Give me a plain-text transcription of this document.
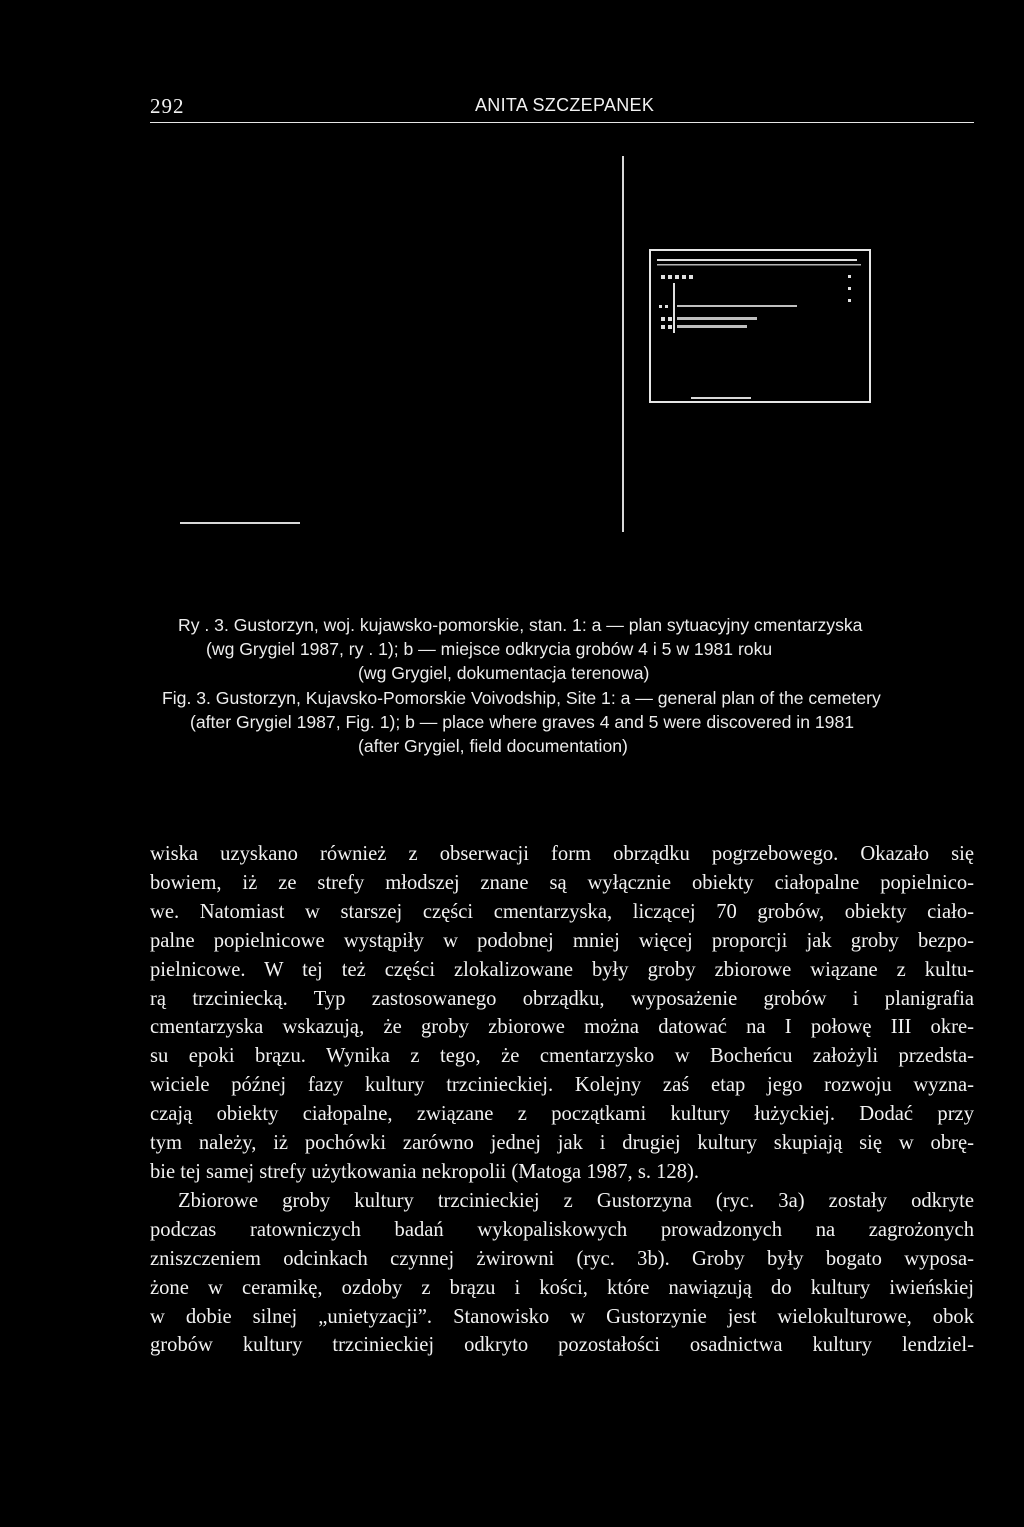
292	ANITA SZCZEPANEK
Ry . 3. Gustorzyn, woj. kujawsko-pomorskie, stan. 1: a — plan sytuacyjny cmentarzyska
(wg Grygiel 1987, ry . 1); b — miejsce odkrycia grobów 4 i 5 w 1981 roku
(wg Grygiel, dokumentacja terenowa)
Fig. 3. Gustorzyn, Kujavsko-Pomorskie Voivodship, Site 1: a — general plan of the cemetery
(after Grygiel 1987, Fig. 1); b — place where graves 4 and 5 were discovered in 1981
(after Grygiel, field documentation)
wiska uzyskano również z obserwacji form obrządku pogrzebowego. Okazało się
bowiem, iż ze strefy młodszej znane są wyłącznie obiekty ciałopalne popielnico-
we. Natomiast w starszej części cmentarzyska, liczącej 70 grobów, obiekty ciało-
palne popielnicowe wystąpiły w podobnej mniej więcej proporcji jak groby bezpo-
pielnicowe. W tej też części zlokalizowane były groby zbiorowe wiązane z kultu-
rą trzciniecką. Typ zastosowanego obrządku, wyposażenie grobów i planigrafia
cmentarzyska wskazują, że groby zbiorowe można datować na I połowę III okre-
su epoki brązu. Wynika z tego, że cmentarzysko w Bocheńcu założyli przedsta-
wiciele późnej fazy kultury trzcinieckiej. Kolejny zaś etap jego rozwoju wyzna-
czają obiekty ciałopalne, związane z początkami kultury łużyckiej. Dodać przy
tym należy, iż pochówki zarówno jednej jak i drugiej kultury skupiają się w obrę-
bie tej samej strefy użytkowania nekropolii (Matoga 1987, s. 128).
Zbiorowe groby kultury trzcinieckiej z Gustorzyna (ryc. 3a) zostały odkryte
podczas ratowniczych badań wykopaliskowych prowadzonych na zagrożonych
zniszczeniem odcinkach czynnej żwirowni (ryc. 3b). Groby były bogato wyposa-
żone w ceramikę, ozdoby z brązu i kości, które nawiązują do kultury iwieńskiej
w dobie silnej „unietyzacji”. Stanowisko w Gustorzynie jest wielokulturowe, obok
grobów kultury trzcinieckiej odkryto pozostałości osadnictwa kultury lendziel-
